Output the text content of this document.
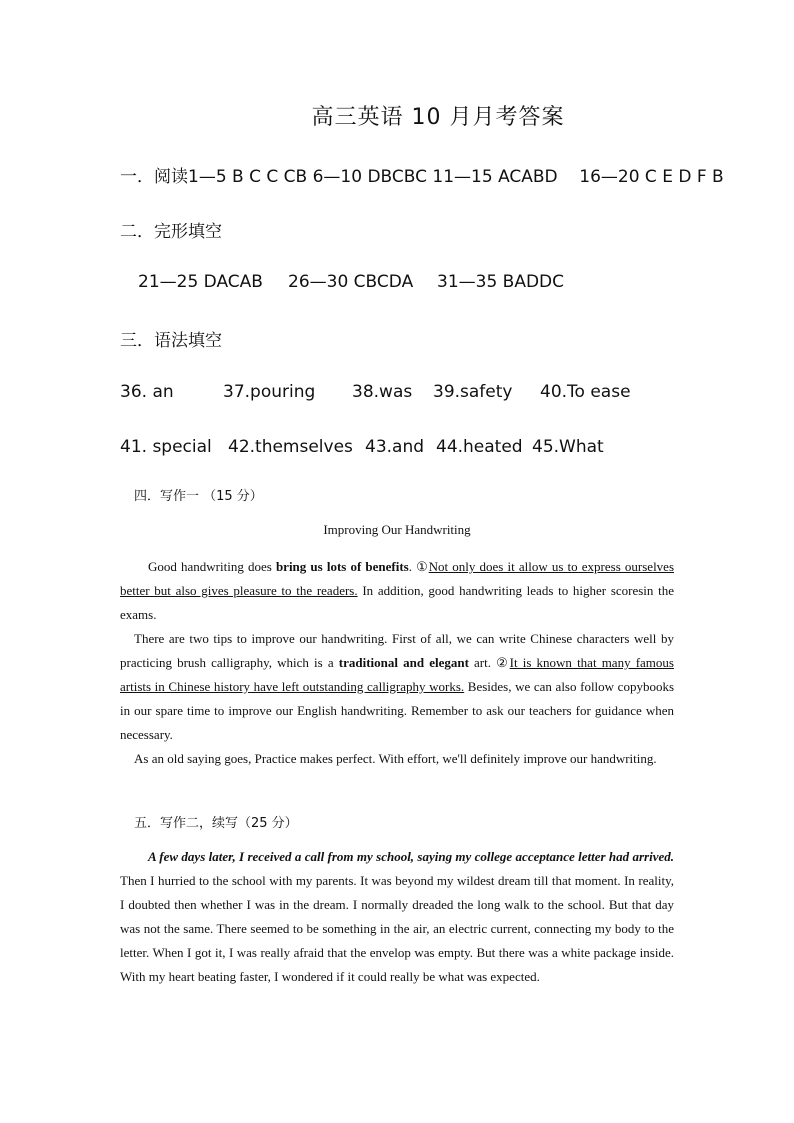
高三英语 10 月月考答案
一．阅读1—5 B C C CB 6—10 DBCBC 11—15 ACABD    16—20 C E D F B
二．完形填空
21—25 DACAB 26—30 CBCDA 31—35 BADDC
三．语法填空
36. an	37.pouring 38.was 39.safety 40.To ease
41. special 42.themselves 43.and 44.heated 45.What
四．写作一 （15 分）
Improving Our Handwriting

Good handwriting does bring us lots of benefits. ①Not only does it allow us to express ourselves better but also gives pleasure to the readers. In addition, good handwriting leads to higher scoresin the exams.

There are two tips to improve our handwriting. First of all, we can write Chinese characters well by practicing brush calligraphy, which is a traditional and elegant art. ②It is known that many famous artists in Chinese history have left outstanding calligraphy works. Besides, we can also follow copybooks in our spare time to improve our English handwriting. Remember to ask our teachers for guidance when necessary.

As an old saying goes, Practice makes perfect. With effort, we'll definitely improve our handwriting.

五．写作二，续写（25 分）

A few days later, I received a call from my school, saying my college acceptance letter had arrived. Then I hurried to the school with my parents. It was beyond my wildest dream till that moment. In reality, I doubted then whether I was in the dream. I normally dreaded the long walk to the school. But that day was not the same. There seemed to be something in the air, an electric current, connecting my body to the letter. When I got it, I was really afraid that the envelop was empty. But there was a white package inside. With my heart beating faster, I wondered if it could really be what was expected.
